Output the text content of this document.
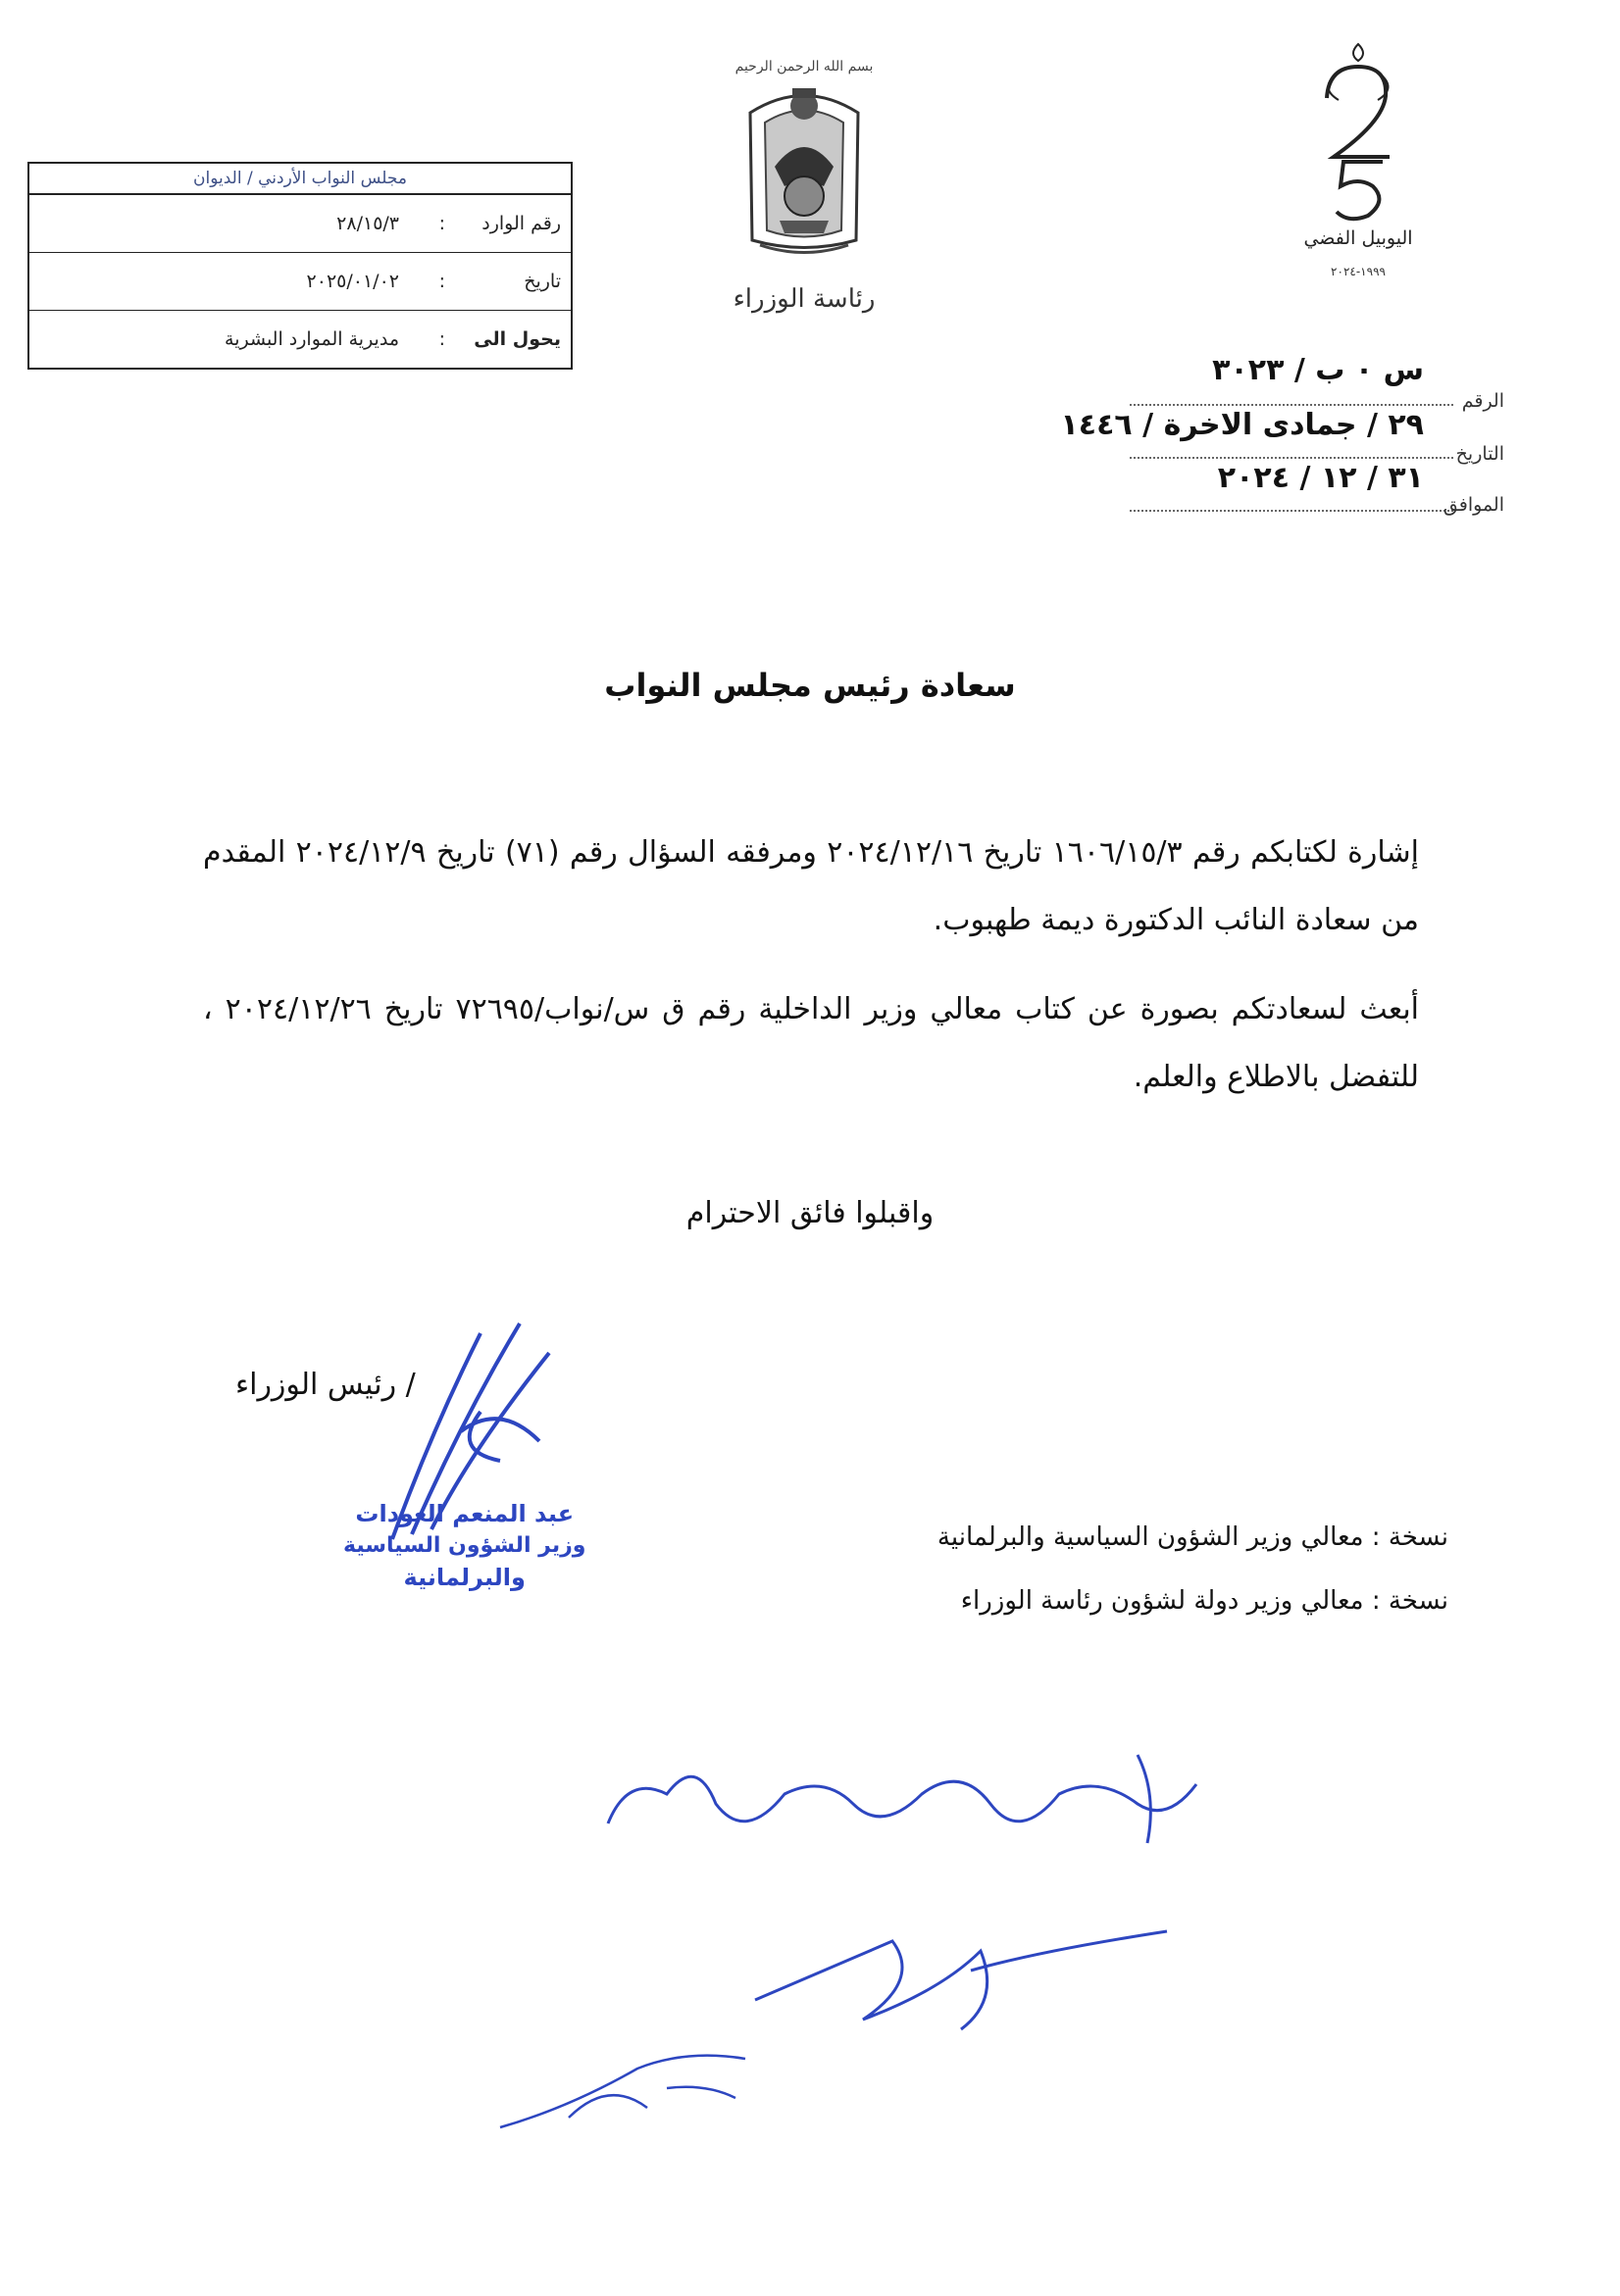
مجلس النواب الأردني / الديوان
رقم الوارد
:
٢٨/١٥/٣
تاريخ
:
٢٠٢٥/٠١/٠٢
يحول الى
:
مديرية الموارد البشرية
بسم الله الرحمن الرحيم
رئاسة الوزراء
اليوبيل الفضي
١٩٩٩-٢٠٢٤
س ٠ ب / ٣٠٢٣
الرقم
٢٩ / جمادى الاخرة / ١٤٤٦
التاريخ
٣١ / ١٢ / ٢٠٢٤
الموافق
سعادة رئيس مجلس النواب
إشارة لكتابكم رقم ١٦٠٦/١٥/٣ تاريخ ٢٠٢٤/١٢/١٦ ومرفقه السؤال رقم (٧١) تاريخ ٢٠٢٤/١٢/٩ المقدم من سعادة النائب الدكتورة ديمة طهبوب.
أبعث لسعادتكم بصورة عن كتاب معالي وزير الداخلية رقم ق س/نواب/٧٢٦٩٥ تاريخ ٢٠٢٤/١٢/٢٦ ، للتفضل بالاطلاع والعلم.
واقبلوا فائق الاحترام
/ رئيس الوزراء
عبد المنعم العودات
وزير الشؤون السياسية
والبرلمانية
نسخة : معالي وزير الشؤون السياسية والبرلمانية
نسخة : معالي وزير دولة لشؤون رئاسة الوزراء
